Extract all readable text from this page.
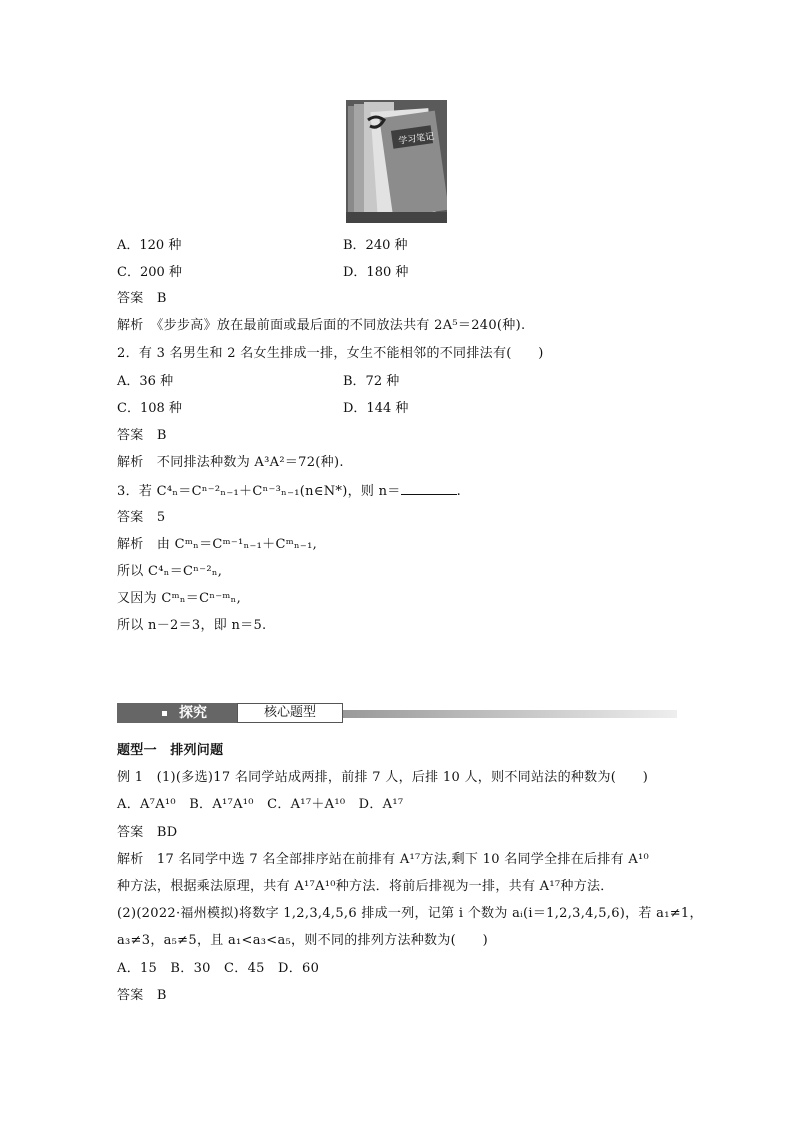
学习笔记
A．120 种	B．240 种
C．200 种	D．180 种
答案　B
解析　《步步高》放在最前面或最后面的不同放法共有 2A⁵＝240(种).
2．有 3 名男生和 2 名女生排成一排，女生不能相邻的不同排法有(　　)
A．36 种	B．72 种
C．108 种	D．144 种
答案　B
解析　不同排法种数为 A³A²＝72(种).
3．若 C⁴ₙ＝Cⁿ⁻²ₙ₋₁＋Cⁿ⁻³ₙ₋₁(n∈N*)，则 n＝	.
答案　5
解析　由 Cᵐₙ＝Cᵐ⁻¹ₙ₋₁＋Cᵐₙ₋₁,
所以 C⁴ₙ＝Cⁿ⁻²ₙ,
又因为 Cᵐₙ＝Cⁿ⁻ᵐₙ,
所以 n－2＝3，即 n＝5.
探究	核心题型
题型一　排列问题
例 1　(1)(多选)17 名同学站成两排，前排 7 人，后排 10 人，则不同站法的种数为(　　)
A．A⁷A¹⁰　B．A¹⁷A¹⁰　C．A¹⁷＋A¹⁰　D．A¹⁷
答案　BD
解析　17 名同学中选 7 名全部排序站在前排有 A¹⁷方法,剩下 10 名同学全排在后排有 A¹⁰
种方法，根据乘法原理，共有 A¹⁷A¹⁰种方法．将前后排视为一排，共有 A¹⁷种方法．
(2)(2022·福州模拟)将数字 1,2,3,4,5,6 排成一列，记第 i 个数为 aᵢ(i＝1,2,3,4,5,6)，若 a₁≠1，
a₃≠3，a₅≠5，且 a₁<a₃<a₅，则不同的排列方法种数为(　　)
A．15　B．30　C．45　D．60
答案　B
